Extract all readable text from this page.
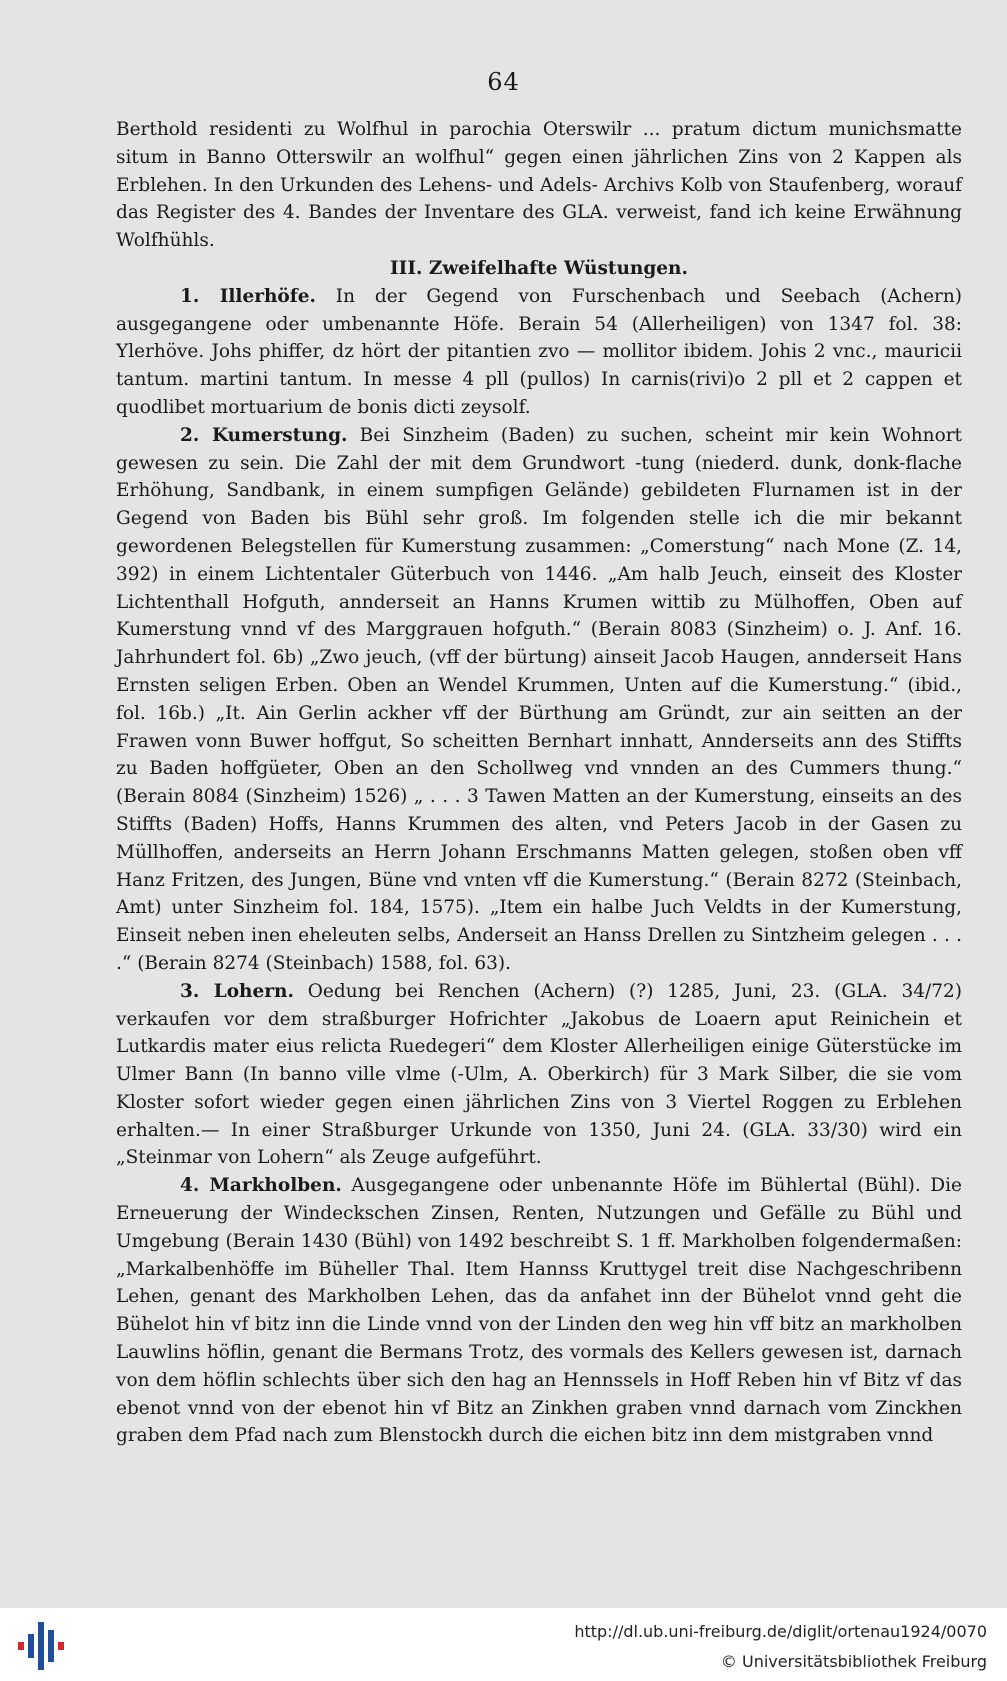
64

Berthold residenti zu Wolfhul in parochia Oterswilr ... pratum dictum munichsmatte situm in Banno Otterswilr an wolfhul“ gegen einen jährlichen Zins von 2 Kappen als Erblehen. In den Urkunden des Lehens- und Adels- Archivs Kolb von Staufenberg, worauf das Register des 4. Bandes der Inventare des GLA. verweist, fand ich keine Erwähnung Wolfhühls.

III. Zweifelhafte Wüstungen.

1. Illerhöfe. In der Gegend von Furschenbach und Seebach (Achern) ausgegangene oder umbenannte Höfe. Berain 54 (Allerheiligen) von 1347 fol. 38: Ylerhöve. Johs phiffer, dz hört der pitantien zvo — mollitor ibidem. Johis 2 vnc., mauricii tantum. martini tantum. In messe 4 pll (pullos) In carnis(rivi)o 2 pll et 2 cappen et quodlibet mortuarium de bonis dicti zeysolf.

2. Kumerstung. Bei Sinzheim (Baden) zu suchen, scheint mir kein Wohnort gewesen zu sein. Die Zahl der mit dem Grundwort -tung (niederd. dunk, donk-flache Erhöhung, Sandbank, in einem sumpfigen Gelände) gebildeten Flurnamen ist in der Gegend von Baden bis Bühl sehr groß. Im folgenden stelle ich die mir bekannt gewordenen Belegstellen für Kumerstung zusammen: „Comerstung“ nach Mone (Z. 14, 392) in einem Lichtentaler Güterbuch von 1446. „Am halb Jeuch, einseit des Kloster Lichtenthall Hofguth, annderseit an Hanns Krumen wittib zu Mülhoffen, Oben auf Kumerstung vnnd vf des Marggrauen hofguth.“ (Berain 8083 (Sinzheim) o. J. Anf. 16. Jahrhundert fol. 6b) „Zwo jeuch, (vff der bürtung) ainseit Jacob Haugen, annderseit Hans Ernsten seligen Erben. Oben an Wendel Krummen, Unten auf die Kumerstung.“ (ibid., fol. 16b.) „It. Ain Gerlin ackher vff der Bürthung am Gründt, zur ain seitten an der Frawen vonn Buwer hoffgut, So scheitten Bernhart innhatt, Annderseits ann des Stiffts zu Baden hoffgüeter, Oben an den Schollweg vnd vnnden an des Cummers thung.“ (Berain 8084 (Sinzheim) 1526) „ . . . 3 Tawen Matten an der Kumerstung, einseits an des Stiffts (Baden) Hoffs, Hanns Krummen des alten, vnd Peters Jacob in der Gasen zu Müllhoffen, anderseits an Herrn Johann Erschmanns Matten gelegen, stoßen oben vff Hanz Fritzen, des Jungen, Büne vnd vnten vff die Kumerstung.“ (Berain 8272 (Steinbach, Amt) unter Sinzheim fol. 184, 1575). „Item ein halbe Juch Veldts in der Kumerstung, Einseit neben inen eheleuten selbs, Anderseit an Hanss Drellen zu Sintzheim gelegen . . . .“ (Berain 8274 (Steinbach) 1588, fol. 63).

3. Lohern. Oedung bei Renchen (Achern) (?) 1285, Juni, 23. (GLA. 34/72) verkaufen vor dem straßburger Hofrichter „Jakobus de Loaern aput Reinichein et Lutkardis mater eius relicta Ruedegeri“ dem Kloster Allerheiligen einige Güterstücke im Ulmer Bann (In banno ville vlme (-Ulm, A. Oberkirch) für 3 Mark Silber, die sie vom Kloster sofort wieder gegen einen jährlichen Zins von 3 Viertel Roggen zu Erblehen erhalten.— In einer Straßburger Urkunde von 1350, Juni 24. (GLA. 33/30) wird ein „Steinmar von Lohern“ als Zeuge aufgeführt.

4. Markholben. Ausgegangene oder unbenannte Höfe im Bühlertal (Bühl). Die Erneuerung der Windeckschen Zinsen, Renten, Nutzungen und Gefälle zu Bühl und Umgebung (Berain 1430 (Bühl) von 1492 beschreibt S. 1 ff. Markholben folgendermaßen: „Markalbenhöffe im Büheller Thal. Item Hannss Kruttygel treit dise Nachgeschribenn Lehen, genant des Markholben Lehen, das da anfahet inn der Bühelot vnnd geht die Bühelot hin vf bitz inn die Linde vnnd von der Linden den weg hin vff bitz an markholben Lauwlins höflin, genant die Bermans Trotz, des vormals des Kellers gewesen ist, darnach von dem höflin schlechts über sich den hag an Hennssels in Hoff Reben hin vf Bitz vf das ebenot vnnd von der ebenot hin vf Bitz an Zinkhen graben vnnd darnach vom Zinckhen graben dem Pfad nach zum Blenstockh durch die eichen bitz inn dem mistgraben vnnd

http://dl.ub.uni-freiburg.de/diglit/ortenau1924/0070
© Universitätsbibliothek Freiburg
